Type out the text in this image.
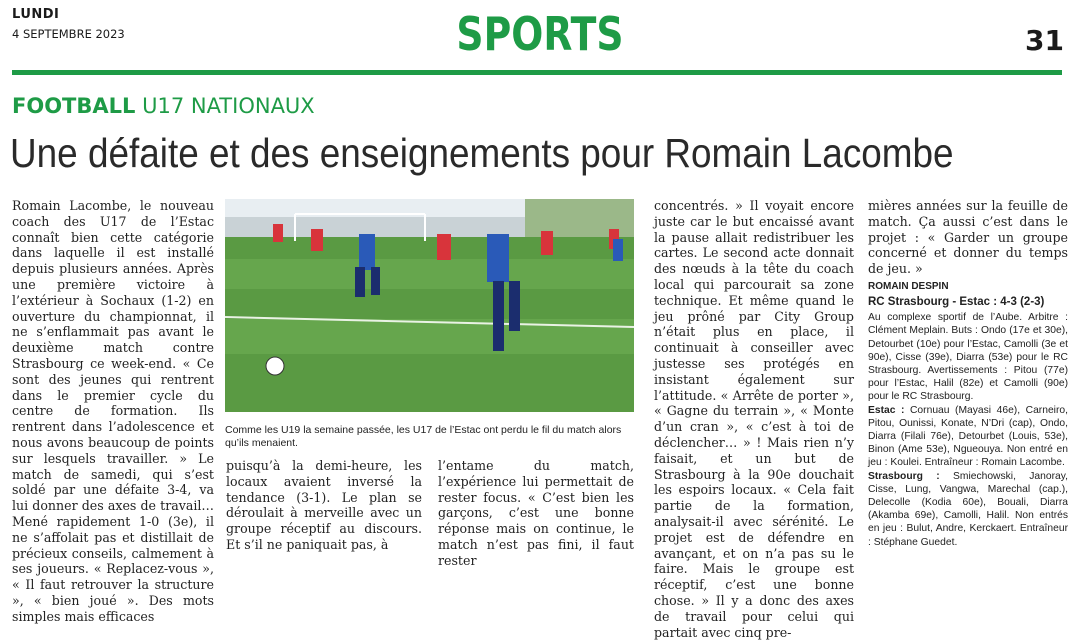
LUNDI
4 SEPTEMBRE 2023	SPORTS	31
FOOTBALL U17 NATIONAUX
Une défaite et des enseignements pour Romain Lacombe

Romain Lacombe, le nouveau coach des U17 de l’Estac connaît bien cette catégorie dans laquelle il est installé depuis plusieurs années. Après une première victoire à l’extérieur à Sochaux (1-2) en ouverture du championnat, il ne s’enflammait pas avant le deuxième match contre Strasbourg ce week-end. « Ce sont des jeunes qui rentrent dans le premier cycle du centre de formation. Ils rentrent dans l’adolescence et nous avons beaucoup de points sur lesquels travailler. » Le match de samedi, qui s’est soldé par une défaite 3-4, va lui donner des axes de travail… Mené rapidement 1-0 (3e), il ne s’affolait pas et distillait de précieux conseils, calmement à ses joueurs. « Replacez-vous », « Il faut retrouver la structure », « bien joué ». Des mots simples mais efficaces

Comme les U19 la semaine passée, les U17 de l’Estac ont perdu le fil du match alors qu’ils menaient.

puisqu’à la demi-heure, les locaux avaient inversé la tendance (3-1). Le plan se déroulait à merveille avec un groupe réceptif au discours. Et s’il ne paniquait pas, à

l’entame du match, l’expérience lui permettait de rester focus. « C’est bien les garçons, c’est une bonne réponse mais on continue, le match n’est pas fini, il faut rester

concentrés. » Il voyait encore juste car le but encaissé avant la pause allait redistribuer les cartes. Le second acte donnait des nœuds à la tête du coach local qui parcourait sa zone technique. Et même quand le jeu prôné par City Group n’était plus en place, il continuait à conseiller avec justesse ses protégés en insistant également sur l’attitude. « Arrête de porter », « Gagne du terrain », « Monte d’un cran », « c’est à toi de déclencher… » ! Mais rien n’y faisait, et un but de Strasbourg à la 90e douchait les espoirs locaux. « Cela fait partie de la formation, analysait-il avec sérénité. Le projet est de défendre en avançant, et on n’a pas su le faire. Mais le groupe est réceptif, c’est une bonne chose. » Il y a donc des axes de travail pour celui qui partait avec cinq pre-

mières années sur la feuille de match. Ça aussi c’est dans le projet : « Garder un groupe concerné et donner du temps de jeu. »

ROMAIN DESPIN
RC Strasbourg - Estac : 4-3 (2-3)

Au complexe sportif de l’Aube. Arbitre : Clément Meplain. Buts : Ondo (17e et 30e), Detourbet (10e) pour l’Estac, Camolli (3e et 90e), Cisse (39e), Diarra (53e) pour le RC Strasbourg. Avertissements : Pitou (77e) pour l’Estac, Halil (82e) et Camolli (90e) pour le RC Strasbourg.

Estac : Cornuau (Mayasi 46e), Carneiro, Pitou, Ounissi, Konate, N’Dri (cap), Ondo, Diarra (Filali 76e), Detourbet (Louis, 53e), Binon (Ame 53e), Ngueouya. Non entré en jeu : Koulei. Entraîneur : Romain Lacombe.

Strasbourg : Smiechowski, Janoray, Cisse, Lung, Vangwa, Marechal (cap.), Delecolle (Kodia 60e), Bouali, Diarra (Akamba 69e), Camolli, Halil. Non entrés en jeu : Bulut, Andre, Kerckaert. Entraîneur : Stéphane Guedet.
